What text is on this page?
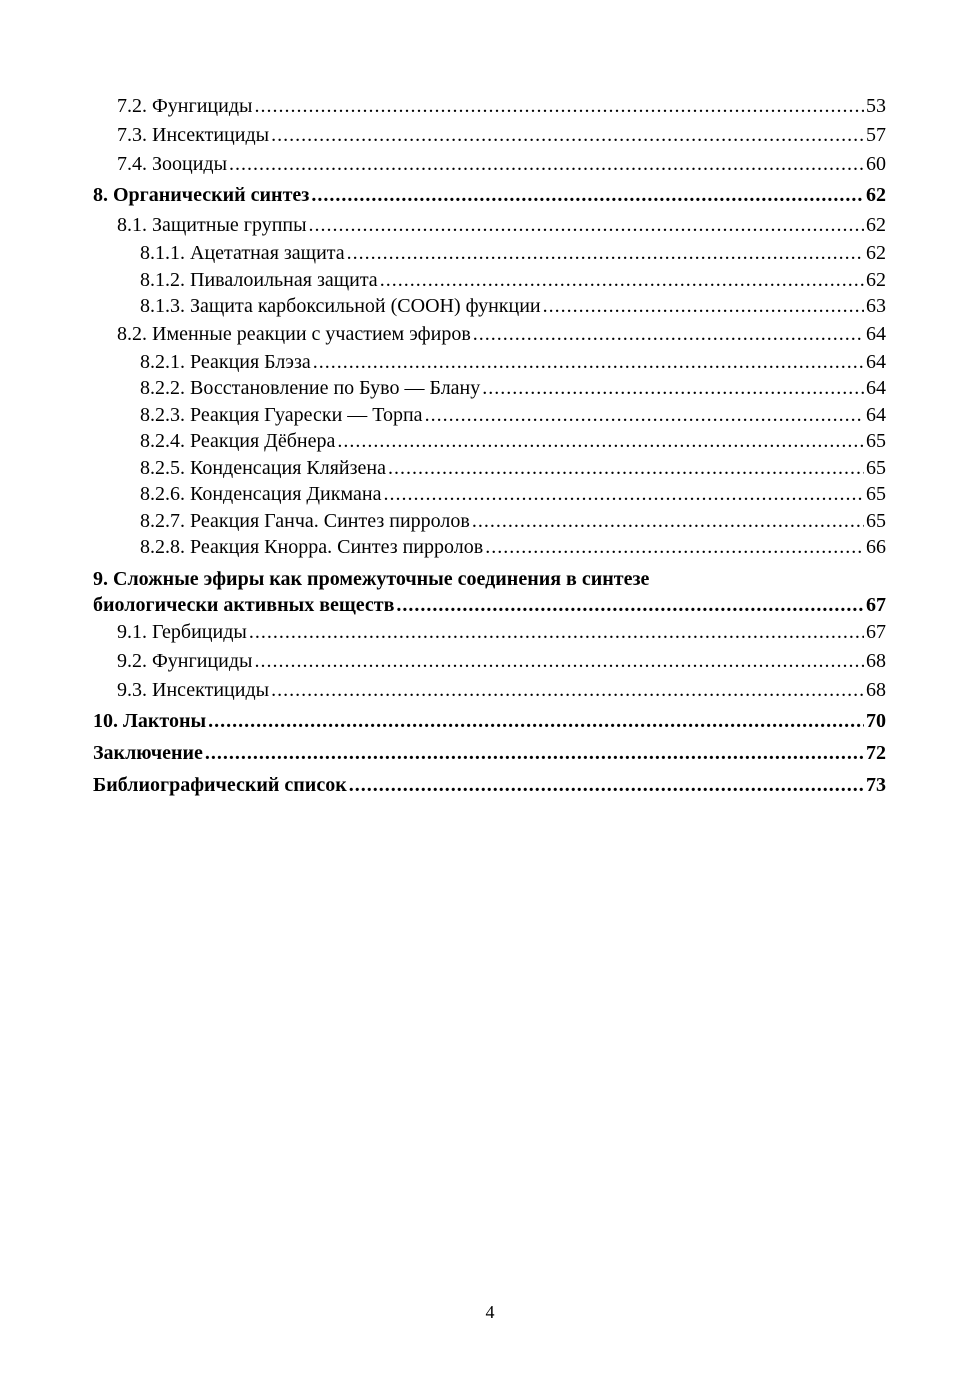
7.2. Фунгициды .....	53
7.3. Инсектициды .....	57
7.4. Зооциды .....	60
8. Органический синтез .....	62
8.1. Защитные группы .....	62
8.1.1. Ацетатная защита .....	62
8.1.2. Пивалоильная защита .....	62
8.1.3. Защита карбоксильной (СООН) функции .....	63
8.2. Именные реакции с участием эфиров .....	64
8.2.1. Реакция Блэза .....	64
8.2.2. Восстановление по Буво — Блану .....	64
8.2.3. Реакция Гуарески — Торпа .....	64
8.2.4. Реакция Дёбнера .....	65
8.2.5. Конденсация Кляйзена .....	65
8.2.6. Конденсация Дикмана .....	65
8.2.7. Реакция Ганча. Синтез пирролов .....	65
8.2.8. Реакция Кнорра. Синтез пирролов .....	66
9. Сложные эфиры как промежуточные соединения в синтезе
биологически активных веществ .....	67
9.1. Гербициды .....	67
9.2. Фунгициды .....	68
9.3. Инсектициды .....	68
10. Лактоны .....	70
Заключение .....	72
Библиографический список .....	73
4
